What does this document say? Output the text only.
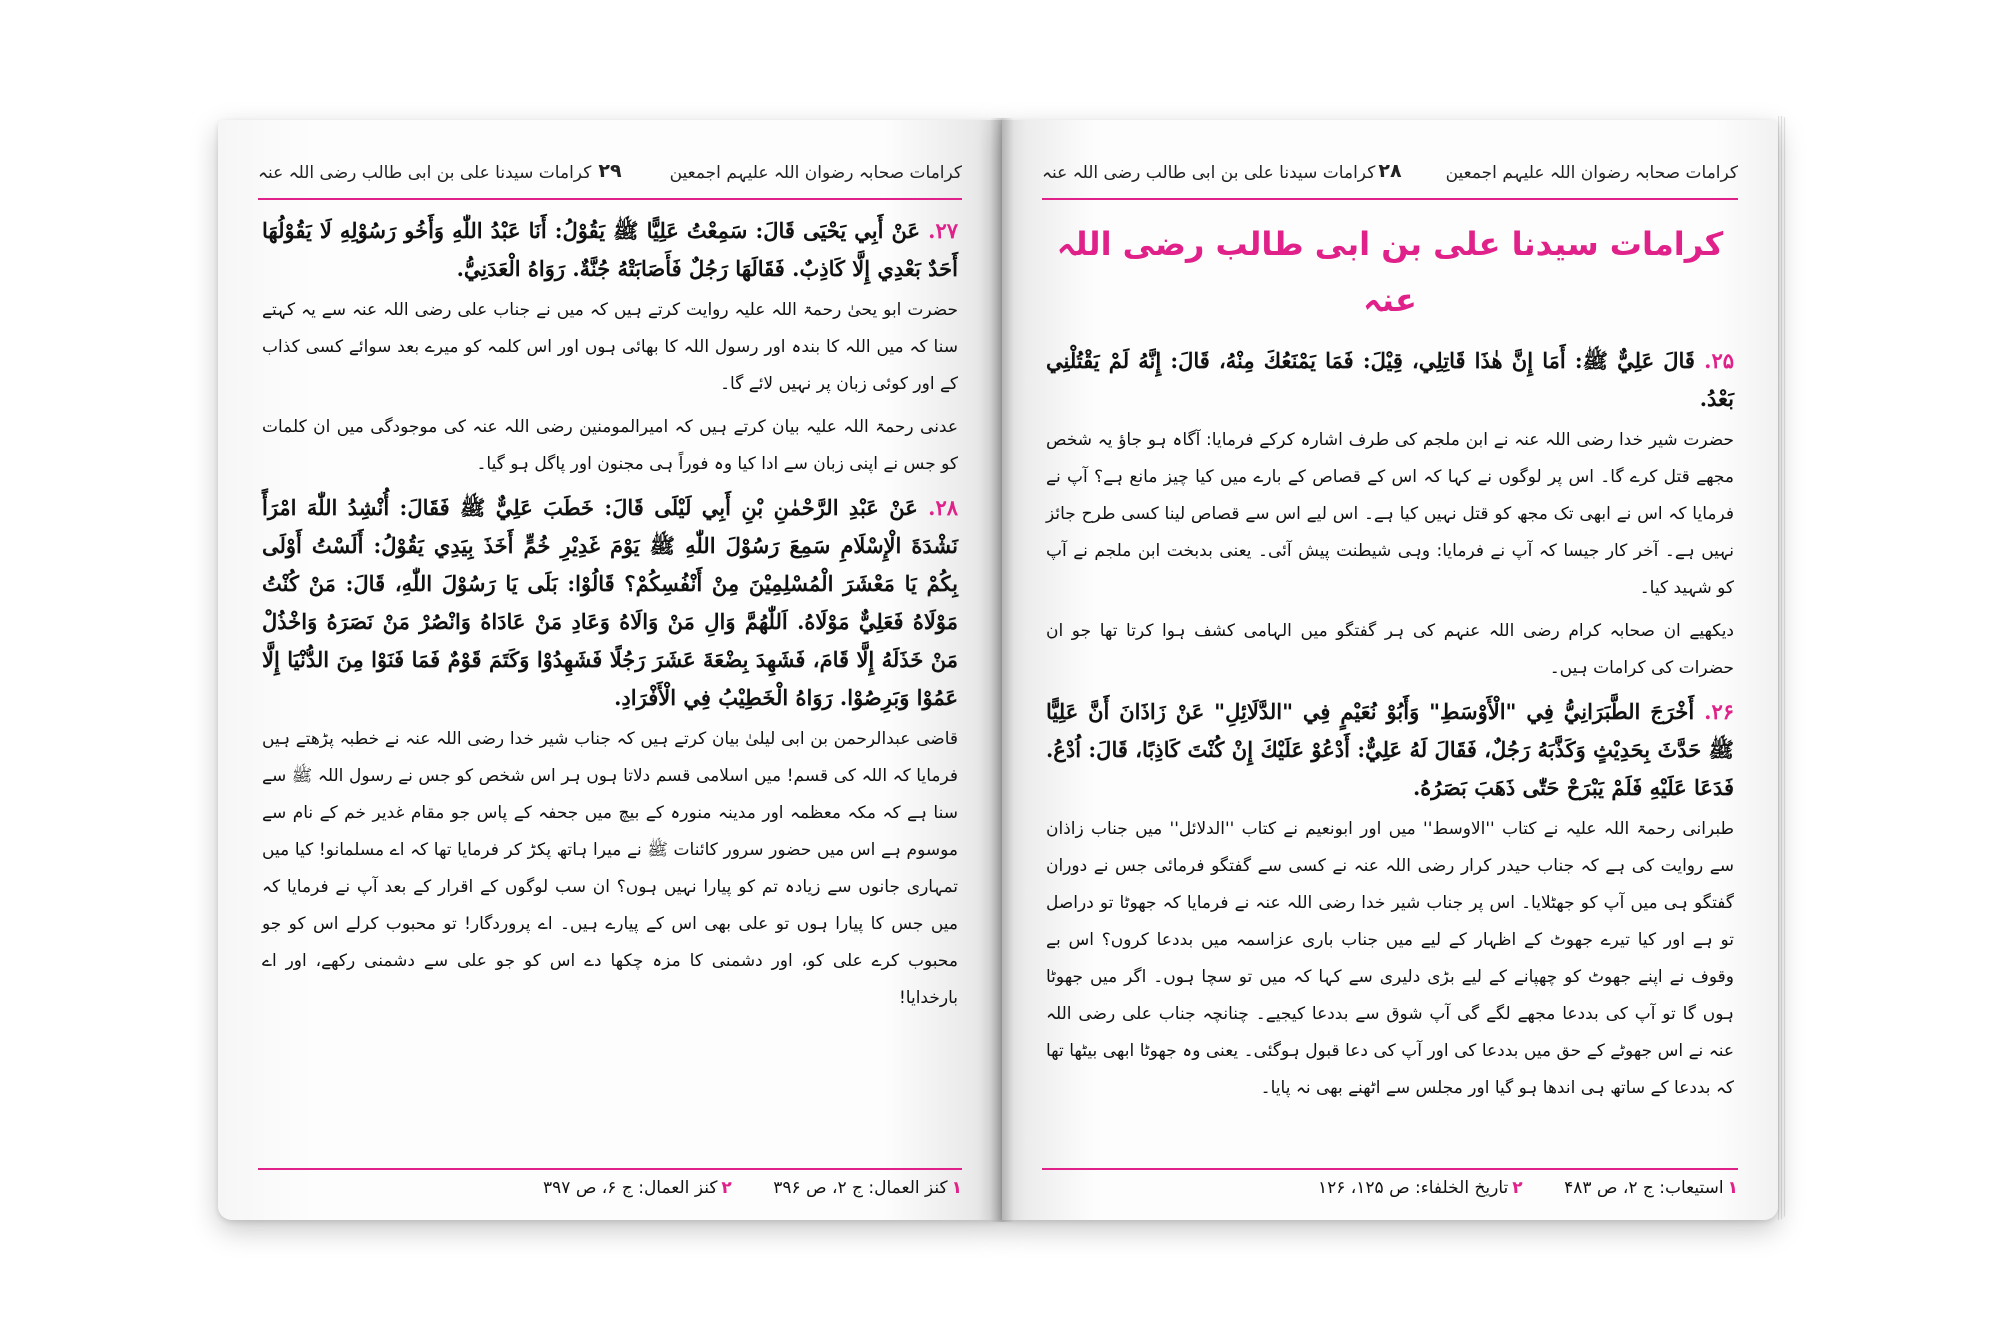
کرامات صحابہ رضوان اللہ علیہم اجمعین
۲۹
کرامات سیدنا علی بن ابی طالب رضی اللہ عنہ

۲۷. عَنْ أَبِي يَحْيَى قَالَ: سَمِعْتُ عَلِيًّا ﷺ يَقُوْلُ: أَنَا عَبْدُ اللّٰهِ وَأَخُو رَسُوْلِهِ لَا يَقُوْلُهَا أَحَدٌ بَعْدِي إِلَّا كَاذِبٌ. فَقَالَهَا رَجُلٌ فَأَصَابَتْهُ جُنَّةٌ. رَوَاهُ الْعَدَنِيُّ.

حضرت ابو یحیٰ رحمۃ اللہ علیہ روایت کرتے ہیں کہ میں نے جناب علی رضی اللہ عنہ سے یہ کہتے سنا کہ میں اللہ کا بندہ اور رسول اللہ کا بھائی ہوں اور اس کلمہ کو میرے بعد سوائے کسی کذاب کے اور کوئی زبان پر نہیں لائے گا۔

عدنی رحمۃ اللہ علیہ بیان کرتے ہیں کہ امیرالمومنین رضی اللہ عنہ کی موجودگی میں ان کلمات کو جس نے اپنی زبان سے ادا کیا وہ فوراً ہی مجنون اور پاگل ہو گیا۔

۲۸. عَنْ عَبْدِ الرَّحْمٰنِ بْنِ أَبِي لَيْلَى قَالَ: خَطَبَ عَلِيٌّ ﷺ فَقَالَ: أُنْشِدُ اللّٰهَ امْرَأً نَشْدَةَ الْإِسْلَامِ سَمِعَ رَسُوْلَ اللّٰهِ ﷺ يَوْمَ غَدِيْرِ خُمٍّ أَخَذَ بِيَدِي يَقُوْلُ: أَلَسْتُ أَوْلَى بِكُمْ يَا مَعْشَرَ الْمُسْلِمِيْنَ مِنْ أَنْفُسِكُمْ؟ قَالُوْا: بَلَى يَا رَسُوْلَ اللّٰهِ، قَالَ: مَنْ كُنْتُ مَوْلَاهُ فَعَلِيٌّ مَوْلَاهُ. اَللّٰهُمَّ وَالِ مَنْ وَالَاهُ وَعَادِ مَنْ عَادَاهُ وَانْصُرْ مَنْ نَصَرَهُ وَاخْذُلْ مَنْ خَذَلَهُ إِلَّا قَامَ، فَشَهِدَ بِضْعَةَ عَشَرَ رَجُلًا فَشَهِدُوْا وَكَتَمَ قَوْمٌ فَمَا فَنَوْا مِنَ الدُّنْيَا إِلَّا عَمُوْا وَبَرِصُوْا. رَوَاهُ الْخَطِيْبُ فِي الْأَفْرَادِ.

قاضی عبدالرحمن بن ابی لیلیٰ بیان کرتے ہیں کہ جناب شیر خدا رضی اللہ عنہ نے خطبہ پڑھتے ہیں فرمایا کہ اللہ کی قسم! میں اسلامی قسم دلاتا ہوں ہر اس شخص کو جس نے رسول اللہ ﷺ سے سنا ہے کہ مکہ معظمہ اور مدینہ منورہ کے بیچ میں جحفہ کے پاس جو مقام غدیر خم کے نام سے موسوم ہے اس میں حضور سرور کائنات ﷺ نے میرا ہاتھ پکڑ کر فرمایا تھا کہ اے مسلمانو! کیا میں تمہاری جانوں سے زیادہ تم کو پیارا نہیں ہوں؟ ان سب لوگوں کے اقرار کے بعد آپ نے فرمایا کہ میں جس کا پیارا ہوں تو علی بھی اس کے پیارے ہیں۔ اے پروردگار! تو محبوب کرلے اس کو جو محبوب کرے علی کو، اور دشمنی کا مزہ چکھا دے اس کو جو علی سے دشمنی رکھے، اور اے بارخدایا!

۱کنز العمال: ج ۲، ص ۳۹۶ ۲کنز العمال: ج ۶، ص ۳۹۷
کرامات صحابہ رضوان اللہ علیہم اجمعین
۲۸
کرامات سیدنا علی بن ابی طالب رضی اللہ عنہ
کرامات سیدنا علی بن ابی طالب رضی اللہ عنہ

۲۵. قَالَ عَلِيٌّ ﷺ: أَمَا إِنَّ هٰذَا قَاتِلِي، قِيْلَ: فَمَا يَمْنَعُكَ مِنْهُ، قَالَ: إِنَّهُ لَمْ يَقْتُلْنِي بَعْدُ.

حضرت شیر خدا رضی اللہ عنہ نے ابن ملجم کی طرف اشارہ کرکے فرمایا: آگاہ ہو جاؤ یہ شخص مجھے قتل کرے گا۔ اس پر لوگوں نے کہا کہ اس کے قصاص کے بارے میں کیا چیز مانع ہے؟ آپ نے فرمایا کہ اس نے ابھی تک مجھ کو قتل نہیں کیا ہے۔ اس لیے اس سے قصاص لینا کسی طرح جائز نہیں ہے۔ آخر کار جیسا کہ آپ نے فرمایا: وہی شیطنت پیش آئی۔ یعنی بدبخت ابن ملجم نے آپ کو شہید کیا۔

دیکھیے ان صحابہ کرام رضی اللہ عنہم کی ہر گفتگو میں الہامی کشف ہوا کرتا تھا جو ان حضرات کی کرامات ہیں۔

۲۶. أَخْرَجَ الطَّبَرَانِيُّ فِي "الْأَوْسَطِ" وَأَبُوْ نُعَيْمٍ فِي "الدَّلَائِلِ" عَنْ زَاذَانَ أَنَّ عَلِيًّا ﷺ حَدَّثَ بِحَدِيْثٍ وَكَذَّبَهُ رَجُلٌ، فَقَالَ لَهُ عَلِيٌّ: أَدْعُوْ عَلَيْكَ إِنْ كُنْتَ كَاذِبًا، قَالَ: اُدْعُ. فَدَعَا عَلَيْهِ فَلَمْ يَبْرَحْ حَتّٰى ذَهَبَ بَصَرُهُ.

طبرانی رحمۃ اللہ علیہ نے کتاب ''الاوسط'' میں اور ابونعیم نے کتاب ''الدلائل'' میں جناب زاذان سے روایت کی ہے کہ جناب حیدر کرار رضی اللہ عنہ نے کسی سے گفتگو فرمائی جس نے دوران گفتگو ہی میں آپ کو جھٹلایا۔ اس پر جناب شیر خدا رضی اللہ عنہ نے فرمایا کہ جھوٹا تو دراصل تو ہے اور کیا تیرے جھوٹ کے اظہار کے لیے میں جناب باری عزاسمہ میں بددعا کروں؟ اس بے وقوف نے اپنے جھوٹ کو چھپانے کے لیے بڑی دلیری سے کہا کہ میں تو سچا ہوں۔ اگر میں جھوٹا ہوں گا تو آپ کی بددعا مجھے لگے گی آپ شوق سے بددعا کیجیے۔ چنانچہ جناب علی رضی اللہ عنہ نے اس جھوٹے کے حق میں بددعا کی اور آپ کی دعا قبول ہوگئی۔ یعنی وہ جھوٹا ابھی بیٹھا تھا کہ بددعا کے ساتھ ہی اندھا ہو گیا اور مجلس سے اٹھنے بھی نہ پایا۔

۱استیعاب: ج ۲، ص ۴۸۳ ۲تاریخ الخلفاء: ص ۱۲۵، ۱۲۶
